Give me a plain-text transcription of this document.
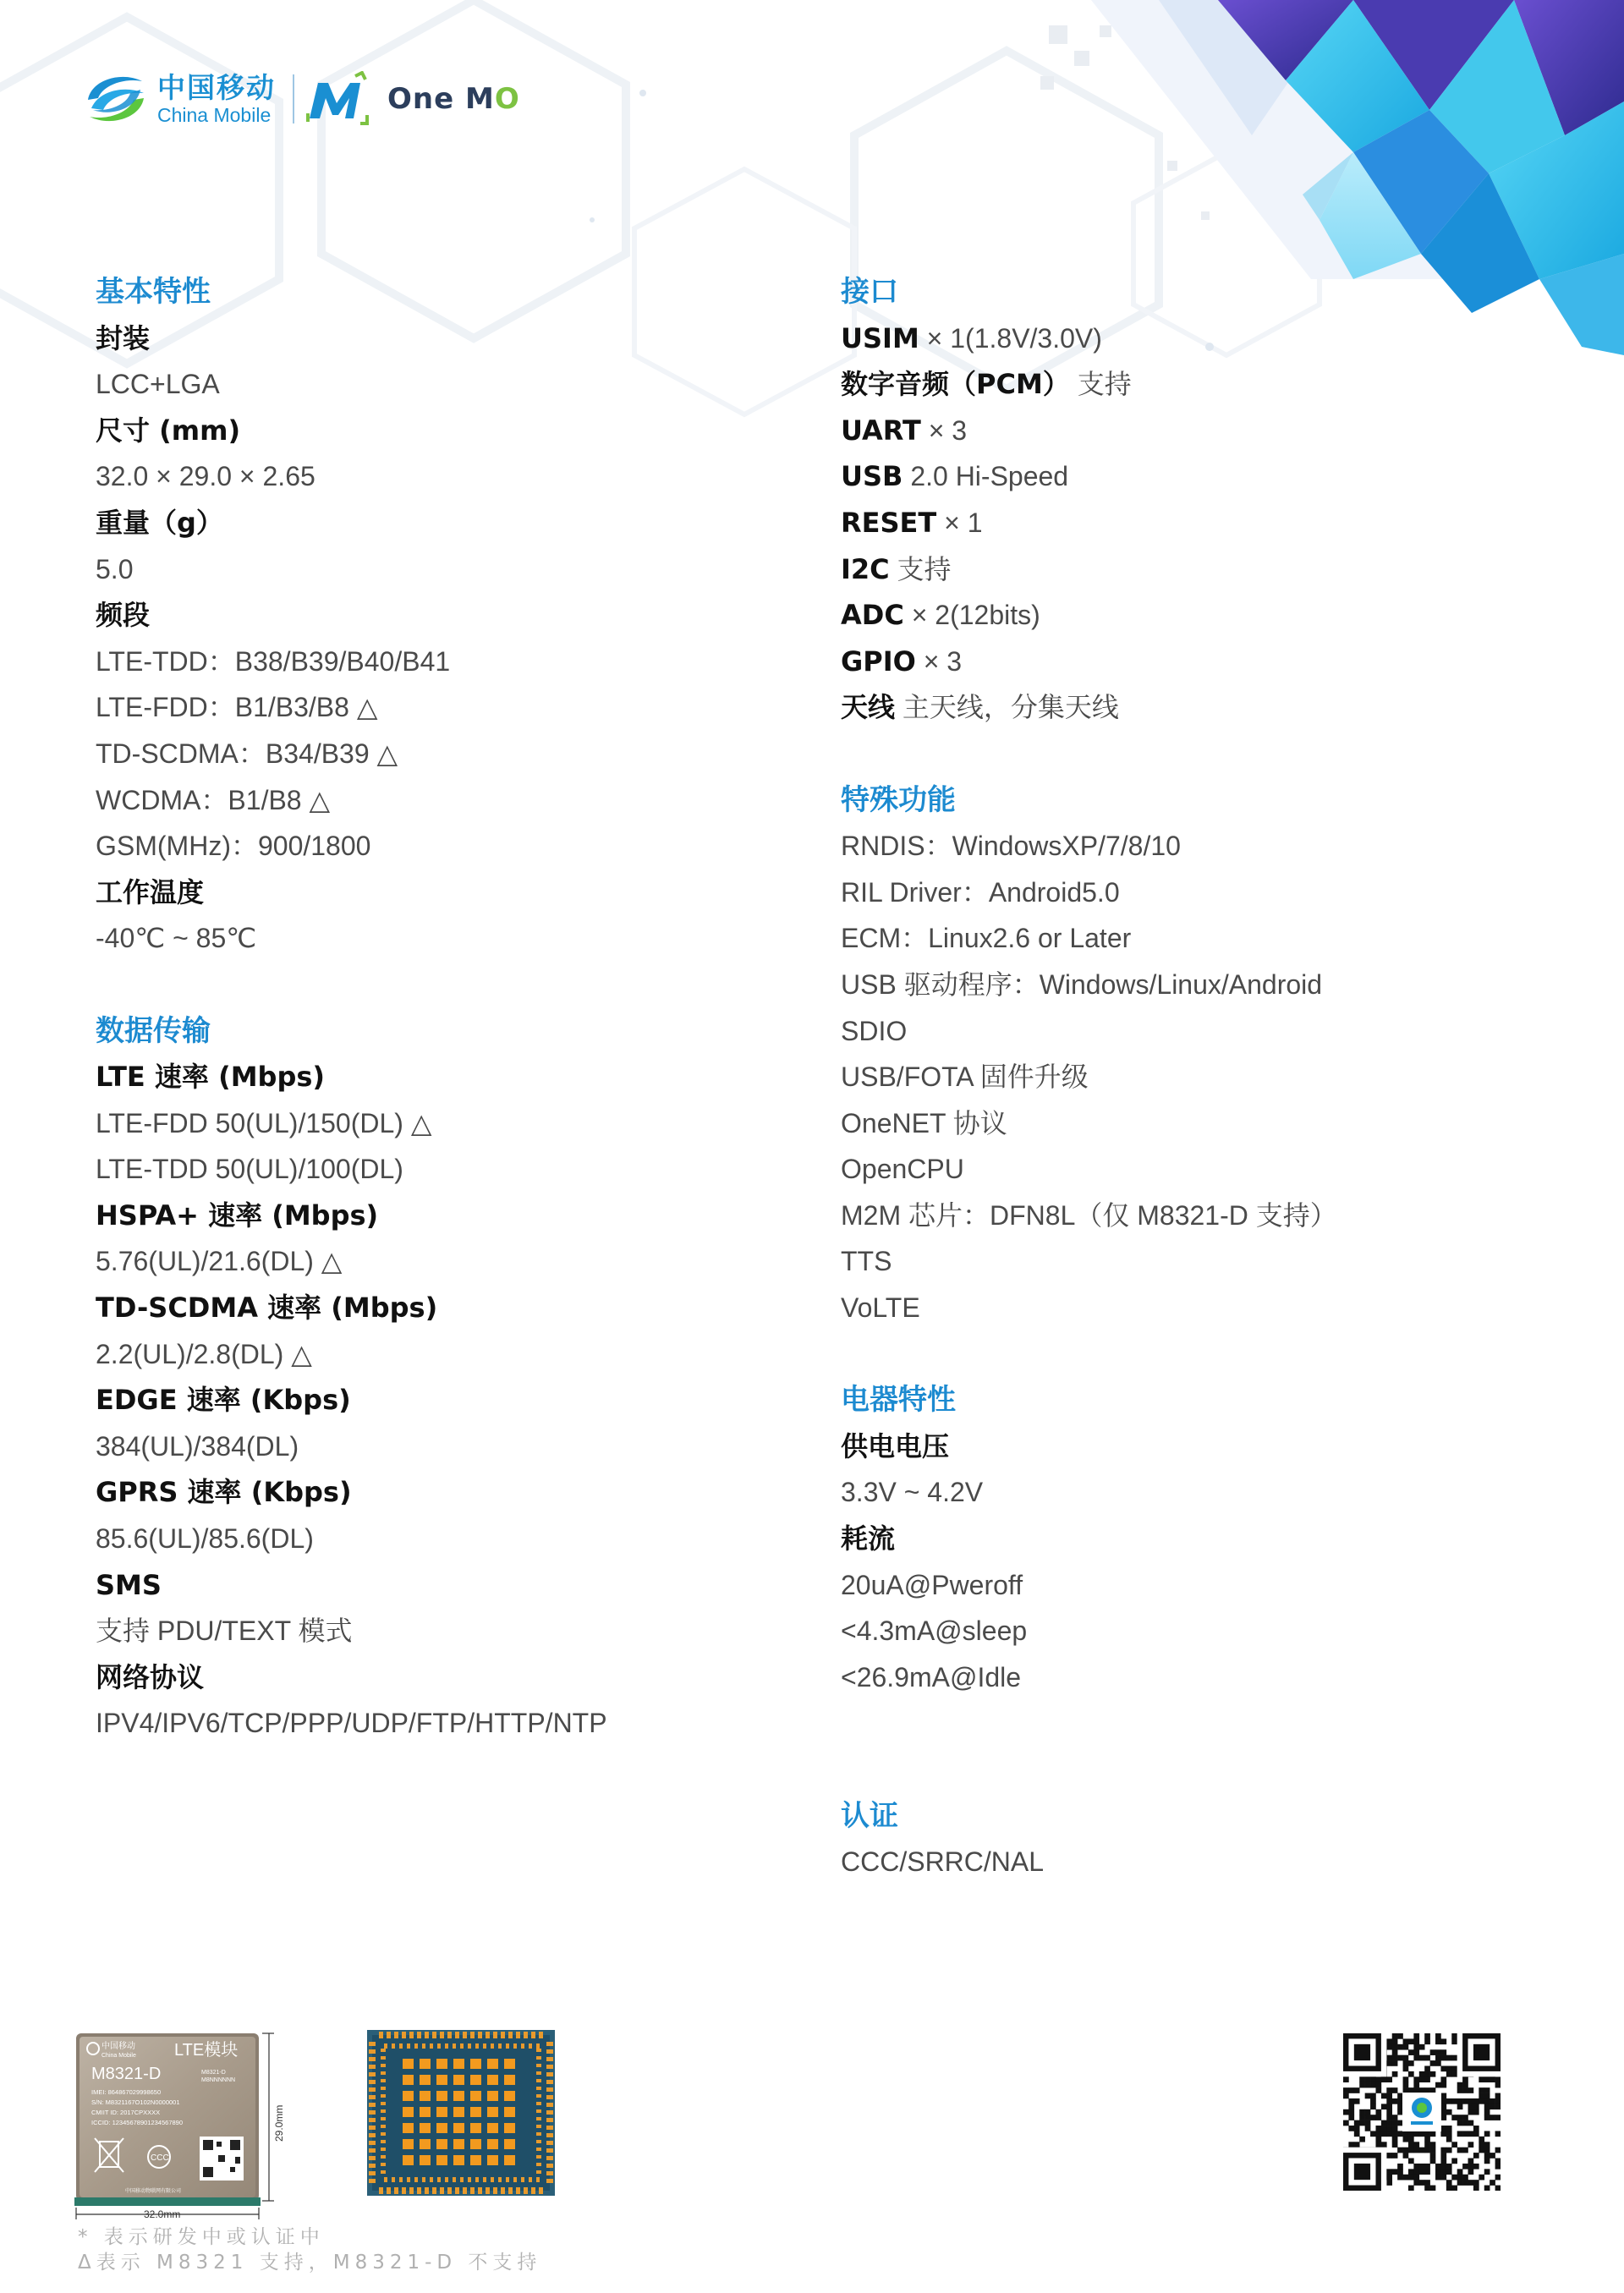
中国移动
China Mobile	One MO
基本特性
封装
LCC+LGA
尺寸 (mm)
32.0 × 29.0 × 2.65
重量（g）
5.0
频段
LTE-TDD：B38/B39/B40/B41
LTE-FDD：B1/B3/B8 △
TD-SCDMA：B34/B39 △
WCDMA：B1/B8 △
GSM(MHz)：900/1800
工作温度
-40℃ ~ 85℃
数据传输
LTE 速率 (Mbps)
LTE-FDD 50(UL)/150(DL) △
LTE-TDD 50(UL)/100(DL)
HSPA+ 速率 (Mbps)
5.76(UL)/21.6(DL) △
TD-SCDMA 速率 (Mbps)
2.2(UL)/2.8(DL) △
EDGE 速率 (Kbps)
384(UL)/384(DL)
GPRS 速率 (Kbps)
85.6(UL)/85.6(DL)
SMS
支持 PDU/TEXT 模式
网络协议
IPV4/IPV6/TCP/PPP/UDP/FTP/HTTP/NTP
接口
USIM × 1(1.8V/3.0V)
数字音频（PCM） 支持
UART × 3
USB 2.0 Hi-Speed
RESET × 1
I2C 支持
ADC × 2(12bits)
GPIO × 3
天线 主天线，分集天线
特殊功能
RNDIS：WindowsXP/7/8/10
RIL Driver：Android5.0
ECM：Linux2.6 or Later
USB 驱动程序：Windows/Linux/Android
SDIO
USB/FOTA 固件升级
OneNET 协议
OpenCPU
M2M 芯片：DFN8L（仅 M8321-D 支持）
TTS
VoLTE
电器特性
供电电压
3.3V ~ 4.2V
耗流
20uA@Pweroff
<4.3mA@sleep
<26.9mA@Idle
认证
CCC/SRRC/NAL
中国移动
China Mobile LTE模块
M8321-D	M8321-D
M8NNNNNN
IMEI: 864867029998650
S/N: M8321167O102N0000001
CMIIT ID: 2017CPXXXX
ICCID: 12345678901234567890
中国移动物联网有限公司
CCC
32.0mm
29.0mm
* 表示研发中或认证中
Δ表示 M8321 支持，M8321-D 不支持
